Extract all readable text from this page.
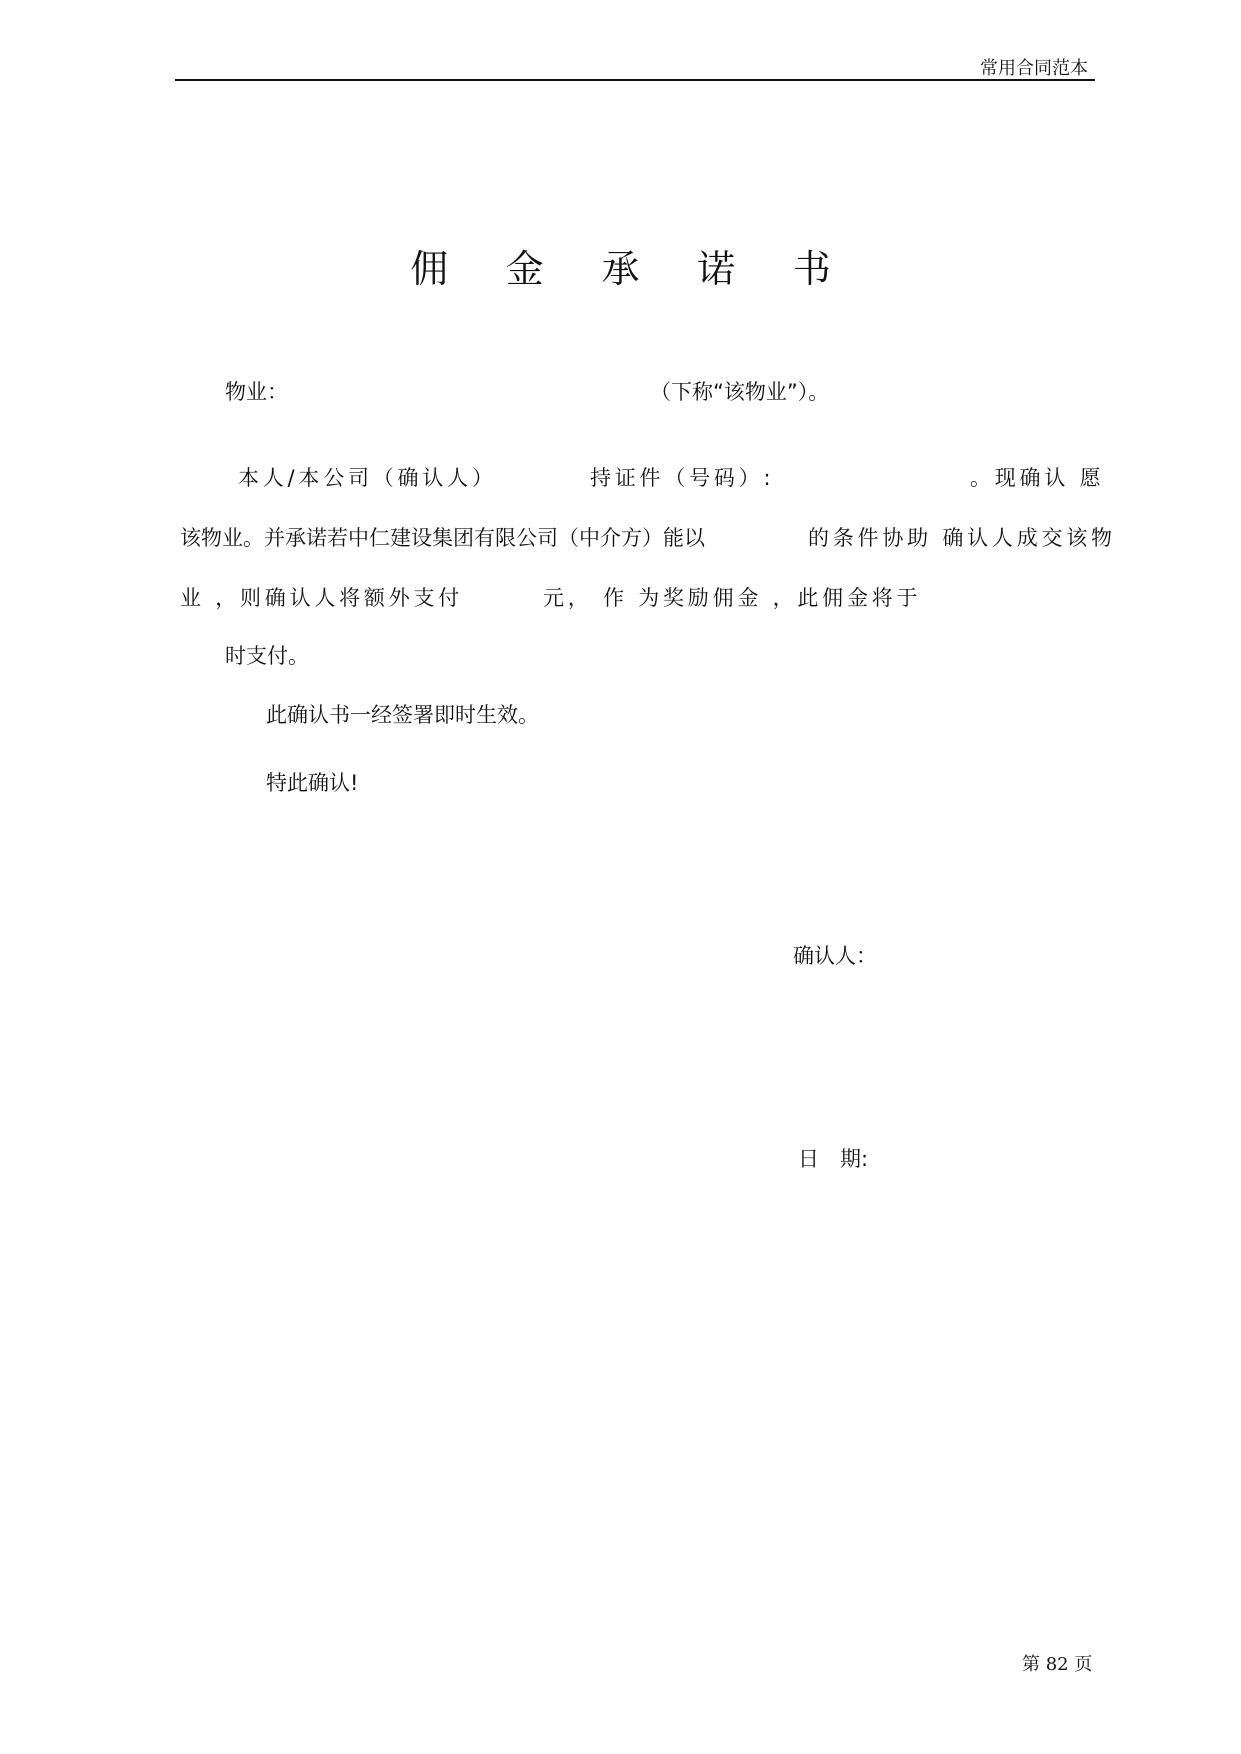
常用合同范本
佣 金 承 诺 书
物业：	（下称“该物业”）。
本人/本公司（确认人）	持证件（号码）:	。现确认 愿
该物业。并承诺若中仁建设集团有限公司（中介方）能以	的条件协助 确认人成交该物
业 ，则确认人将额外支付	元， 作 为奖励佣金 ，此佣金将于
时支付。
此确认书一经签署即时生效。
特此确认!
确认人：
日　期:
第 82 页
